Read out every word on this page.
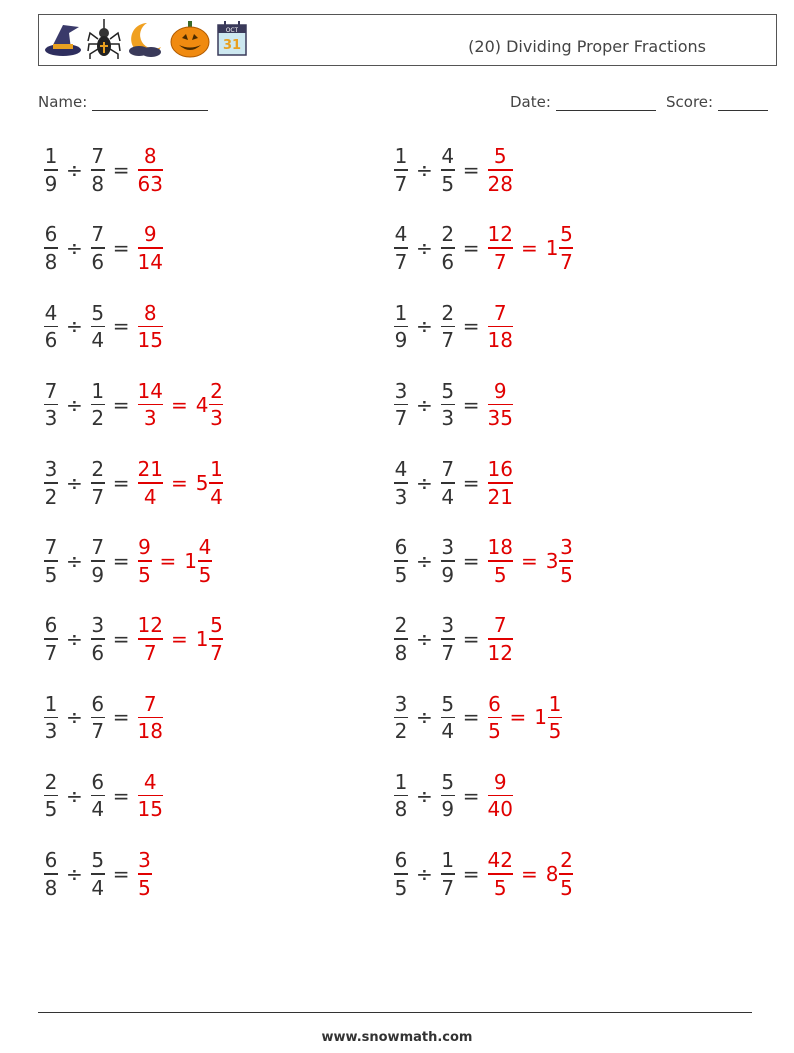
OCT
31	(20) Dividing Proper Fractions
Name:	Date:	Score:
$\frac{1}{9} \div \frac{7}{8} = \frac{8}{63}$	$\frac{1}{7} \div \frac{4}{5} = \frac{5}{28}$
$\frac{6}{8} \div \frac{7}{6} = \frac{9}{14}$	$\frac{4}{7} \div \frac{2}{6} = \frac{12}{7} = 1 \frac{5}{7}$
$\frac{4}{6} \div \frac{5}{4} = \frac{8}{15}$	$\frac{1}{9} \div \frac{2}{7} = \frac{7}{18}$
$\frac{7}{3} \div \frac{1}{2} = \frac{14}{3} = 4 \frac{2}{3}$	$\frac{3}{7} \div \frac{5}{3} = \frac{9}{35}$
$\frac{3}{2} \div \frac{2}{7} = \frac{21}{4} = 5 \frac{1}{4}$	$\frac{4}{3} \div \frac{7}{4} = \frac{16}{21}$
$\frac{7}{5} \div \frac{7}{9} = \frac{9}{5} = 1 \frac{4}{5}$	$\frac{6}{5} \div \frac{3}{9} = \frac{18}{5} = 3 \frac{3}{5}$
$\frac{6}{7} \div \frac{3}{6} = \frac{12}{7} = 1 \frac{5}{7}$	$\frac{2}{8} \div \frac{3}{7} = \frac{7}{12}$
$\frac{1}{3} \div \frac{6}{7} = \frac{7}{18}$	$\frac{3}{2} \div \frac{5}{4} = \frac{6}{5} = 1 \frac{1}{5}$
$\frac{2}{5} \div \frac{6}{4} = \frac{4}{15}$	$\frac{1}{8} \div \frac{5}{9} = \frac{9}{40}$
$\frac{6}{8} \div \frac{5}{4} = \frac{3}{5}$	$\frac{6}{5} \div \frac{1}{7} = \frac{42}{5} = 8 \frac{2}{5}$
www.snowmath.com
